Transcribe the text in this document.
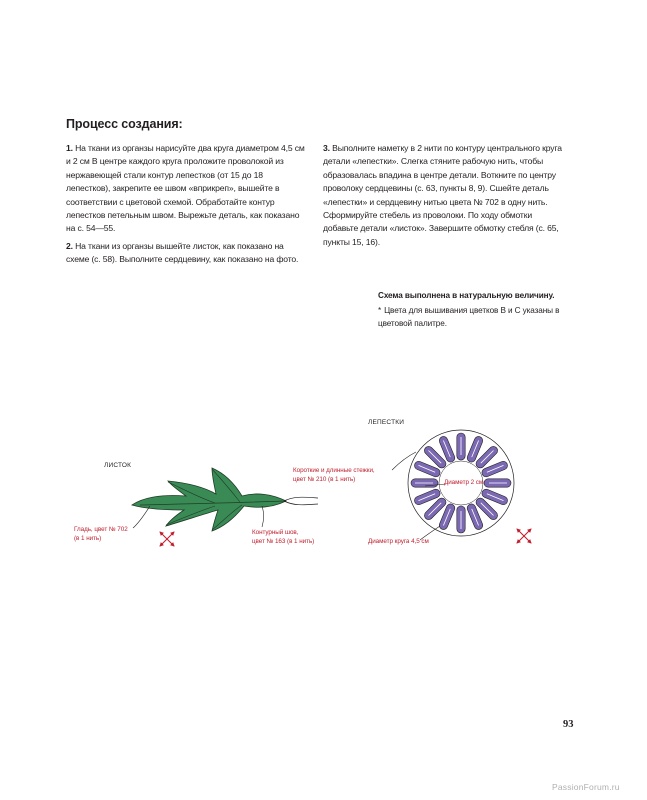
Процесс создания:

1. На ткани из органзы нарисуйте два круга диаметром 4,5 см и 2 см В центре каждого круга проложите проволокой из нержавеющей стали контур лепестков (от 15 до 18 лепестков), закрепите ее швом «вприкреп», вышейте в соответствии с цветовой схемой. Обработайте контур лепестков петельным швом. Вырежьте деталь, как показано на с. 54—55.

2. На ткани из органзы вышейте листок, как показано на схеме (с. 58). Выполните сердцевину, как показано на фото.

3. Выполните наметку в 2 нити по контуру центрального круга детали «лепестки». Слегка стяните рабочую нить, чтобы образовалась впадина в центре детали. Воткните по центру проволоку сердцевины (с. 63, пункты 8, 9). Сшейте деталь «лепестки» и сердцевину нитью цвета № 702 в одну нить. Сформируйте стебель из проволоки. По ходу обмотки добавьте детали «листок». Завершите обмотку стебля (с. 65, пункты 15, 16).

Схема выполнена в натуральную величину.
* Цвета для вышивания цветков В и С указаны в цветовой палитре.
ЛИСТОК
Гладь, цвет № 702
(в 1 нить)
Контурный шов,
цвет № 163 (в 1 нить)
ЛЕПЕСТКИ
Короткие и длинные стежки,
цвет № 210 (в 1 нить)	Диаметр 2 см
Диаметр круга 4,5 см
93
PassionForum.ru
